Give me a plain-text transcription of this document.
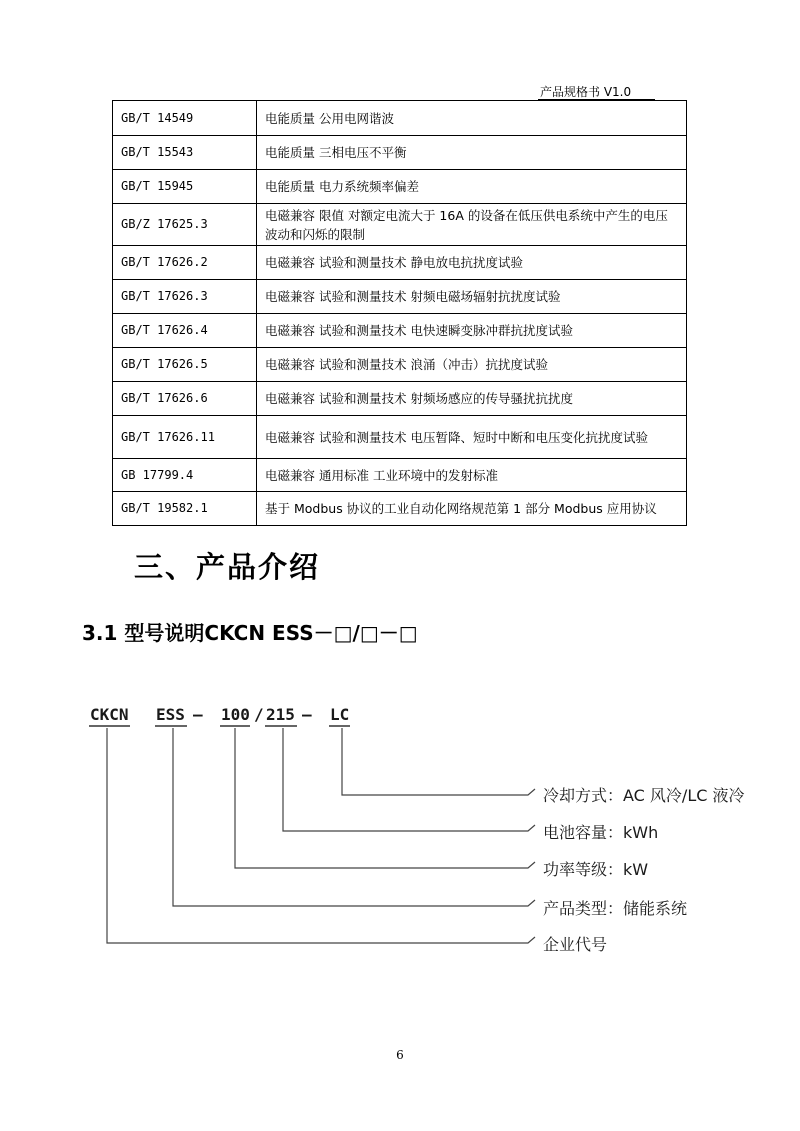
产品规格书 V1.0
GB/T 14549	电能质量 公用电网谐波
GB/T 15543	电能质量 三相电压不平衡
GB/T 15945	电能质量 电力系统频率偏差
GB/Z 17625.3	电磁兼容 限值 对额定电流大于 16A 的设备在低压供电系统中产生的电压波动和闪烁的限制
GB/T 17626.2	电磁兼容 试验和测量技术 静电放电抗扰度试验
GB/T 17626.3	电磁兼容 试验和测量技术 射频电磁场辐射抗扰度试验
GB/T 17626.4	电磁兼容 试验和测量技术 电快速瞬变脉冲群抗扰度试验
GB/T 17626.5	电磁兼容 试验和测量技术 浪涌（冲击）抗扰度试验
GB/T 17626.6	电磁兼容 试验和测量技术 射频场感应的传导骚扰抗扰度
GB/T 17626.11	电磁兼容 试验和测量技术 电压暂降、短时中断和电压变化抗扰度试验
GB 17799.4	电磁兼容 通用标准 工业环境中的发射标准
GB/T 19582.1	基于 Modbus 协议的工业自动化网络规范第 1 部分 Modbus 应用协议
三、产品介绍
3.1 型号说明CKCN ESS－□/□－□
CKCN ESS — 100 / 215 — LC
冷却方式：AC 风冷/LC 液冷
电池容量：kWh
功率等级：kW
产品类型：储能系统
企业代号
6
